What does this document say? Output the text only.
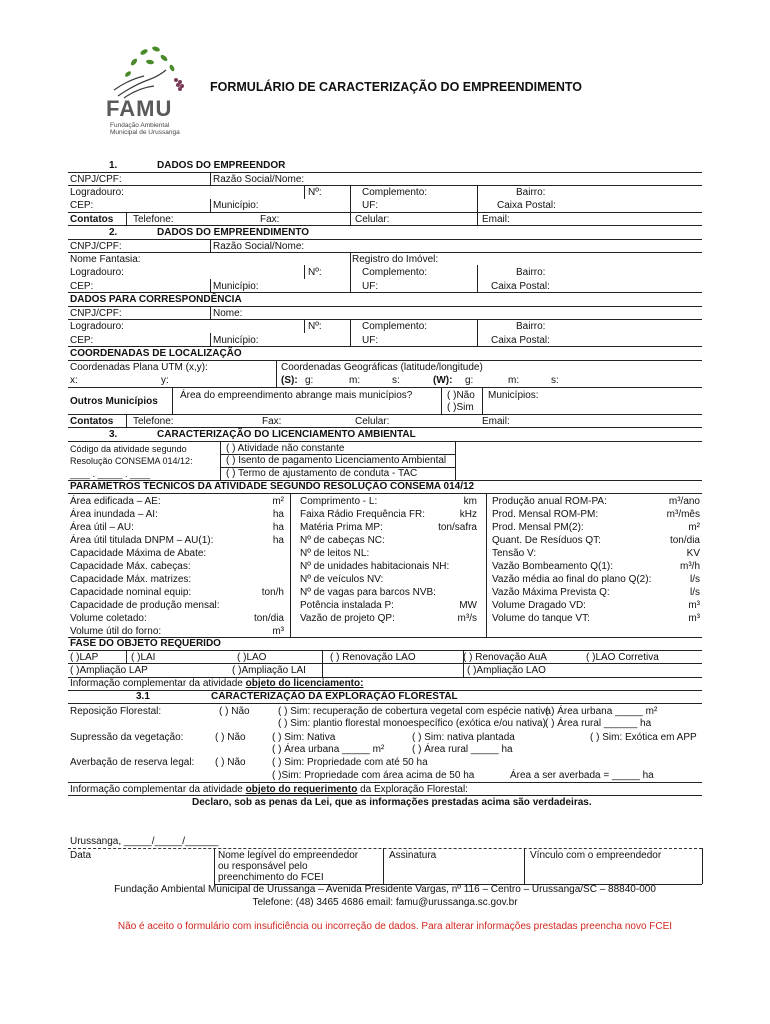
FAMU
Fundação Ambiental
Municipal de Urussanga
FORMULÁRIO DE CARACTERIZAÇÃO DO EMPREENDIMENTO
1.	DADOS DO EMPREENDOR
CNPJ/CPF:	Razão Social/Nome:
Logradouro:	Nº:	Complemento:	Bairro:
CEP:	Município:	UF:	Caixa Postal:
Contatos Telefone:	Fax:	Celular:	Email:
2.	DADOS DO EMPREENDIMENTO
CNPJ/CPF:	Razão Social/Nome:
Nome Fantasia:	Registro do Imóvel:
Logradouro:	Nº:	Complemento:	Bairro:
CEP:	Município:	UF:	Caixa Postal:
DADOS PARA CORRESPONDÊNCIA
CNPJ/CPF:	Nome:
Logradouro:	Nº:	Complemento:	Bairro:
CEP:	Município:	UF:	Caixa Postal:
COORDENADAS DE LOCALIZAÇÃO
Coordenadas Plana UTM (x,y):	Coordenadas Geográficas (latitude/longitude)
x:	y:	(S): g:	m:	s:	(W): g:	m:	s:
Outros Municípios
Área do empreendimento abrange mais municípios?	( )Não
( )Sim
Municípios:
Contatos Telefone:	Fax:	Celular:	Email:
3.	CARACTERIZAÇÃO DO LICENCIAMENTO AMBIENTAL
Código da atividade segundo
Resolução CONSEMA 014/12:
____ . _____ . ____
( ) Atividade não constante
( ) Isento de pagamento Licenciamento Ambiental
( ) Termo de ajustamento de conduta - TAC
PARAMETROS TECNICOS DA ATIVIDADE SEGUNDO RESOLUÇÃO CONSEMA 014/12
Área edificada – AE:	m²
Área inundada – AI:	ha
Área útil – AU:	ha
Área útil titulada DNPM – AU(1):	ha
Capacidade Máxima de Abate:
Capacidade Máx. cabeças:
Capacidade Máx. matrizes:
Capacidade nominal equip:	ton/h
Capacidade de produção mensal:
Volume coletado:	ton/dia
Volume útil do forno:	m³
Comprimento - L:	km
Faixa Rádio Frequência FR:	kHz
Matéria Prima MP:	ton/safra
Nº de cabeças NC:
Nº de leitos NL:
Nº de unidades habitacionais NH:
Nº de veículos NV:
Nº de vagas para barcos NVB:
Potência instalada P:	MW
Vazão de projeto QP:	m³/s
Produção anual ROM-PA:	m³/ano
Prod. Mensal ROM-PM:	m³/mês
Prod. Mensal PM(2):	m²
Quant. De Resíduos QT:	ton/dia
Tensão V:	KV
Vazão Bombeamento Q(1):	m³/h
Vazão média ao final do plano Q(2):	l/s
Vazão Máxima Prevista Q:	l/s
Volume Dragado VD:	m³
Volume do tanque VT:	m³
FASE DO OBJETO REQUERIDO
( )LAP	( )LAI	( )LAO	( ) Renovação LAO	( ) Renovação AuA	( )LAO Corretiva
( )Ampliação LAP	( )Ampliação LAI	( )Ampliação LAO
Informação complementar da atividade objeto do licenciamento:
3.1	CARACTERIZAÇÃO DA EXPLORAÇÃO FLORESTAL
Reposição Florestal:	( ) Não	( ) Sim: recuperação de cobertura vegetal com espécie nativa
( ) Sim: plantio florestal monoespecífico (exótica e/ou nativa)
( ) Área urbana _____ m²
( ) Área rural ______ ha
Supressão da vegetação:	( ) Não	( ) Sim: Nativa	( ) Sim: nativa plantada	( ) Sim: Exótica em APP
( ) Área urbana _____ m²	( ) Área rural _____ ha
Averbação de reserva legal: ( ) Não	( ) Sim: Propriedade com até 50 ha
( )Sim: Propriedade com área acima de 50 ha	Área a ser averbada = _____ ha
Informação complementar da atividade objeto do requerimento da Exploração Florestal:
Declaro, sob as penas da Lei, que as informações prestadas acima são verdadeiras.
Urussanga, _____/_____/______
Data	Nome legível do empreendedor
ou responsável pelo
preenchimento do FCEI
Assinatura	Vínculo com o empreendedor
Fundação Ambiental Municipal de Urussanga – Avenida Presidente Vargas, nº 116 – Centro – Urussanga/SC – 88840-000
Telefone: (48) 3465 4686 email: famu@urussanga.sc.gov.br
Não é aceito o formulário com insuficiência ou incorreção de dados. Para alterar informações prestadas preencha novo FCEI
